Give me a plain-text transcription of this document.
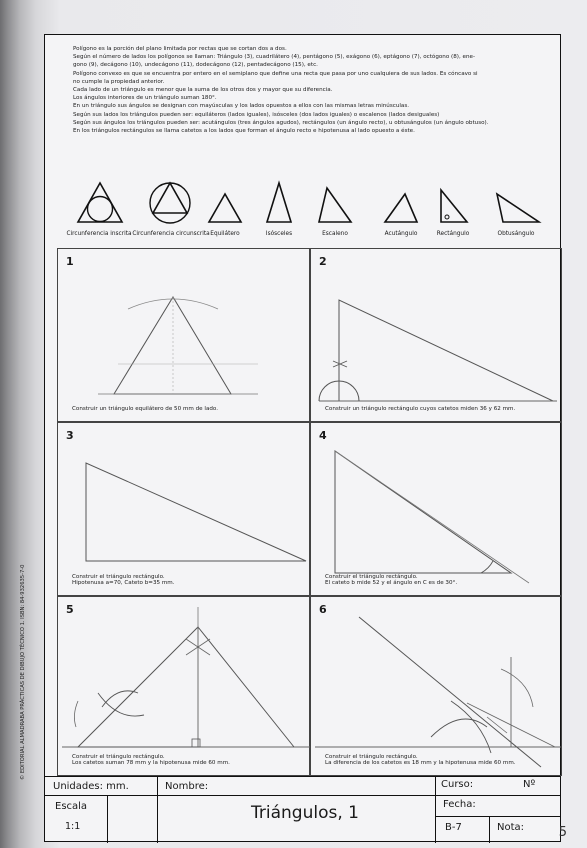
Polígono es la porción del plano limitada por rectas que se cortan dos a dos.

Según el número de lados los polígonos se llaman: Triángulo (3), cuadrilátero (4), pentágono (5), exágono (6), eptágono (7), octógono (8), ene-

gono (9), decágono (10), undecágono (11), dodecágono (12), pentadecágono (15), etc.

Polígono convexo es que se encuentra por entero en el semiplano que define una recta que pasa por uno cualquiera de sus lados. Es cóncavo si

no cumple la propiedad anterior.

Cada lado de un triángulo es menor que la suma de los otros dos y mayor que su diferencia.

Los ángulos interiores de un triángulo suman 180°.

En un triángulo sus ángulos se designan con mayúsculas y los lados opuestos a ellos con las mismas letras minúsculas.

Según sus lados los triángulos pueden ser: equiláteros (lados iguales), isósceles (dos lados iguales) o escalenos (lados desiguales)

Según sus ángulos los triángulos pueden ser: acutángulos (tres ángulos agudos), rectángulos (un ángulo recto), u obtusángulos (un ángulo obtuso).

En los triángulos rectángulos se llama catetos a los lados que forman el ángulo recto e hipotenusa al lado opuesto a éste.

Circunferencia inscrita Circunferencia circunscrita Equilátero	Isósceles	Escaleno	Acutángulo	Rectángulo	Obtusángulo
1
Construir un triángulo equilátero de 50 mm de lado.
2
Construir un triángulo rectángulo cuyos catetos miden 36 y 62 mm.
3
Construir el triángulo rectángulo.
Hipotenusa a=70, Cateto b=35 mm.
4
Construir el triángulo rectángulo.
El cateto b mide 52 y el ángulo en C es de 30°.
5
Construir el triángulo rectángulo.
Los catetos suman 78 mm y la hipotenusa mide 60 mm.
6
Construir el triángulo rectángulo.
La diferencia de los catetos es 18 mm y la hipotenusa mide 60 mm.
Unidades: mm.	Nombre:	Curso:	Nº
Escala
1:1
Triángulos, 1	Fecha:
B-7	Nota:
© EDITORIAL ALMADRABA PRÁCTICAS DE DIBUJO TÉCNICO 1. ISBN: 84-932635-7-0
5
